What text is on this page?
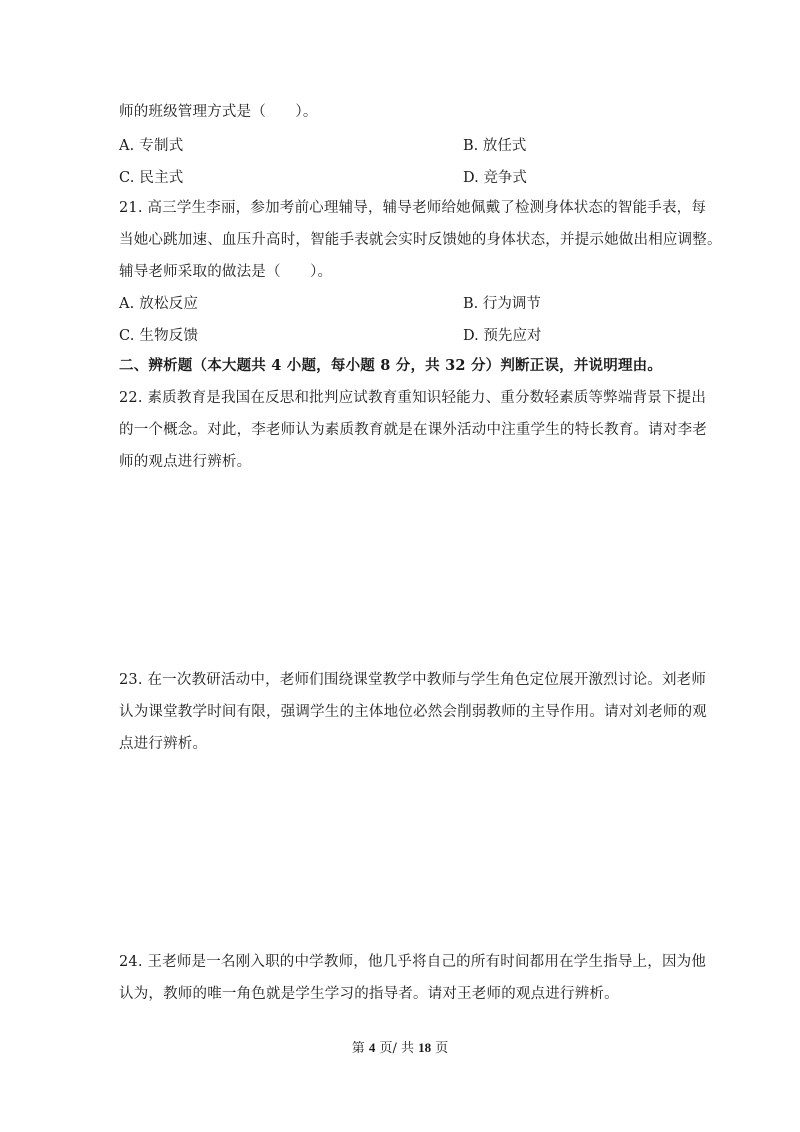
师的班级管理方式是（　　）。
A. 专制式	B. 放任式
C. 民主式	D. 竞争式
21. 高三学生李丽，参加考前心理辅导，辅导老师给她佩戴了检测身体状态的智能手表，每
当她心跳加速、血压升高时，智能手表就会实时反馈她的身体状态，并提示她做出相应调整。
辅导老师采取的做法是（　　）。
A. 放松反应	B. 行为调节
C. 生物反馈	D. 预先应对
二、辨析题（本大题共 4 小题，每小题 8 分，共 32 分）判断正误，并说明理由。
22. 素质教育是我国在反思和批判应试教育重知识轻能力、重分数轻素质等弊端背景下提出
的一个概念。对此，李老师认为素质教育就是在课外活动中注重学生的特长教育。请对李老
师的观点进行辨析。
23. 在一次教研活动中，老师们围绕课堂教学中教师与学生角色定位展开激烈讨论。刘老师
认为课堂教学时间有限，强调学生的主体地位必然会削弱教师的主导作用。请对刘老师的观
点进行辨析。
24. 王老师是一名刚入职的中学教师，他几乎将自己的所有时间都用在学生指导上，因为他
认为，教师的唯一角色就是学生学习的指导者。请对王老师的观点进行辨析。
第 4 页/ 共 18 页
